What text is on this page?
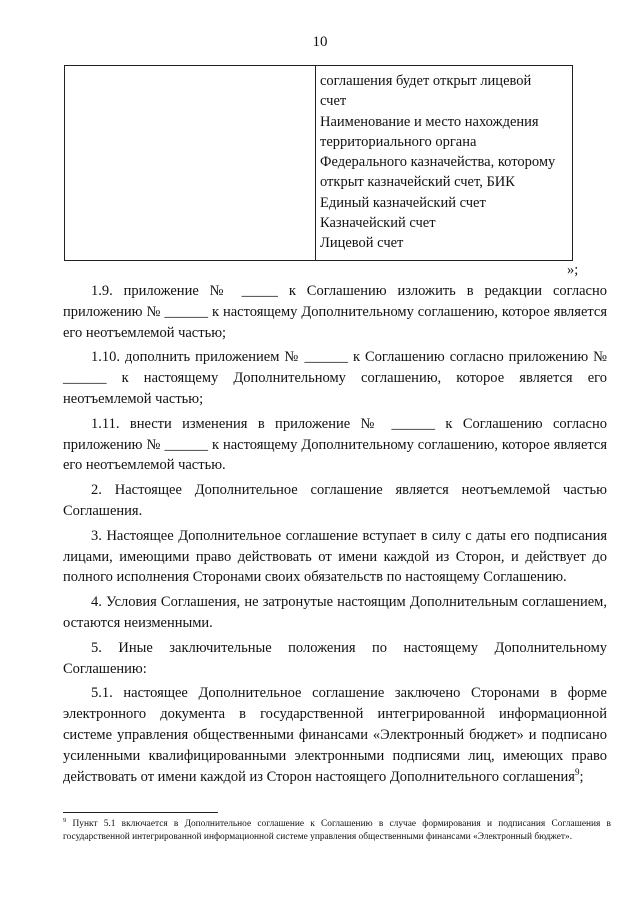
10
соглашения будет открыт лицевой
счет
Наименование и место нахождения
территориального органа
Федерального казначейства, которому
открыт казначейский счет, БИК
Единый казначейский счет
Казначейский счет
Лицевой счет
»;

1.9. приложение № _____ к Соглашению изложить в редакции согласно приложению № ______ к настоящему Дополнительному соглашению, которое является его неотъемлемой частью;

1.10. дополнить приложением № ______ к Соглашению согласно приложению № ______ к настоящему Дополнительному соглашению, которое является его неотъемлемой частью;

1.11. внести изменения в приложение № ______ к Соглашению согласно приложению № ______ к настоящему Дополнительному соглашению, которое является его неотъемлемой частью.

2. Настоящее Дополнительное соглашение является неотъемлемой частью Соглашения.

3. Настоящее Дополнительное соглашение вступает в силу с даты его подписания лицами, имеющими право действовать от имени каждой из Сторон, и действует до полного исполнения Сторонами своих обязательств по настоящему Соглашению.

4. Условия Соглашения, не затронутые настоящим Дополнительным соглашением, остаются неизменными.

5. Иные заключительные положения по настоящему Дополнительному Соглашению:

5.1. настоящее Дополнительное соглашение заключено Сторонами в форме электронного документа в государственной интегрированной информационной системе управления общественными финансами «Электронный бюджет» и подписано усиленными квалифицированными электронными подписями лиц, имеющих право действовать от имени каждой из Сторон настоящего Дополнительного соглашения$^9$;

$^9$ Пункт 5.1 включается в Дополнительное соглашение к Соглашению в случае формирования и подписания Соглашения в государственной интегрированной информационной системе управления общественными финансами «Электронный бюджет».
